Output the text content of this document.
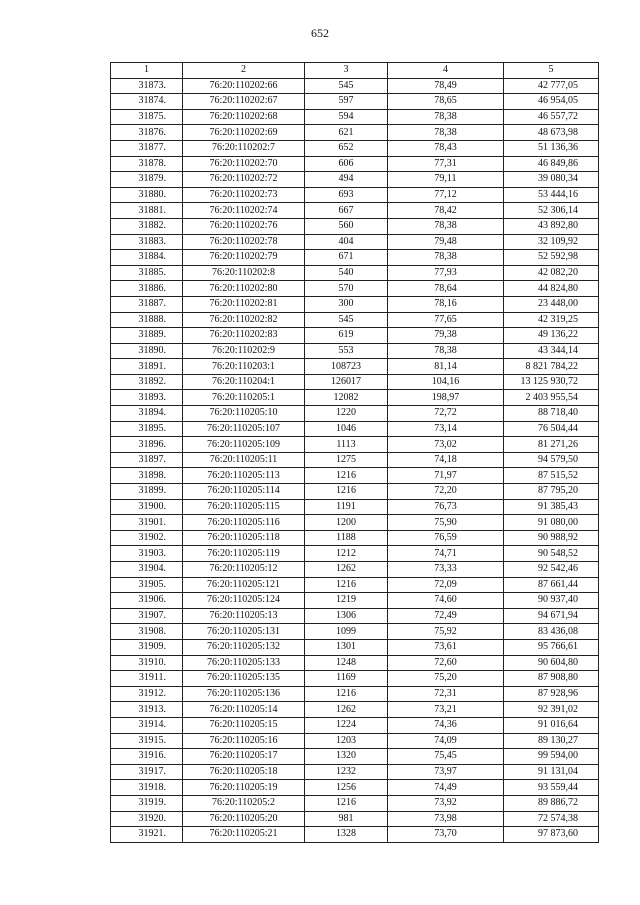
652
1	2	3	4	5
31873.	76:20:110202:66	545	78,49	42 777,05
31874.	76:20:110202:67	597	78,65	46 954,05
31875.	76:20:110202:68	594	78,38	46 557,72
31876.	76:20:110202:69	621	78,38	48 673,98
31877.	76:20:110202:7	652	78,43	51 136,36
31878.	76:20:110202:70	606	77,31	46 849,86
31879.	76:20:110202:72	494	79,11	39 080,34
31880.	76:20:110202:73	693	77,12	53 444,16
31881.	76:20:110202:74	667	78,42	52 306,14
31882.	76:20:110202:76	560	78,38	43 892,80
31883.	76:20:110202:78	404	79,48	32 109,92
31884.	76:20:110202:79	671	78,38	52 592,98
31885.	76:20:110202:8	540	77,93	42 082,20
31886.	76:20:110202:80	570	78,64	44 824,80
31887.	76:20:110202:81	300	78,16	23 448,00
31888.	76:20:110202:82	545	77,65	42 319,25
31889.	76:20:110202:83	619	79,38	49 136,22
31890.	76:20:110202:9	553	78,38	43 344,14
31891.	76:20:110203:1	108723	81,14	8 821 784,22
31892.	76:20:110204:1	126017	104,16	13 125 930,72
31893.	76:20:110205:1	12082	198,97	2 403 955,54
31894.	76:20:110205:10	1220	72,72	88 718,40
31895.	76:20:110205:107	1046	73,14	76 504,44
31896.	76:20:110205:109	1113	73,02	81 271,26
31897.	76:20:110205:11	1275	74,18	94 579,50
31898.	76:20:110205:113	1216	71,97	87 515,52
31899.	76:20:110205:114	1216	72,20	87 795,20
31900.	76:20:110205:115	1191	76,73	91 385,43
31901.	76:20:110205:116	1200	75,90	91 080,00
31902.	76:20:110205:118	1188	76,59	90 988,92
31903.	76:20:110205:119	1212	74,71	90 548,52
31904.	76:20:110205:12	1262	73,33	92 542,46
31905.	76:20:110205:121	1216	72,09	87 661,44
31906.	76:20:110205:124	1219	74,60	90 937,40
31907.	76:20:110205:13	1306	72,49	94 671,94
31908.	76:20:110205:131	1099	75,92	83 436,08
31909.	76:20:110205:132	1301	73,61	95 766,61
31910.	76:20:110205:133	1248	72,60	90 604,80
31911.	76:20:110205:135	1169	75,20	87 908,80
31912.	76:20:110205:136	1216	72,31	87 928,96
31913.	76:20:110205:14	1262	73,21	92 391,02
31914.	76:20:110205:15	1224	74,36	91 016,64
31915.	76:20:110205:16	1203	74,09	89 130,27
31916.	76:20:110205:17	1320	75,45	99 594,00
31917.	76:20:110205:18	1232	73,97	91 131,04
31918.	76:20:110205:19	1256	74,49	93 559,44
31919.	76:20:110205:2	1216	73,92	89 886,72
31920.	76:20:110205:20	981	73,98	72 574,38
31921.	76:20:110205:21	1328	73,70	97 873,60
